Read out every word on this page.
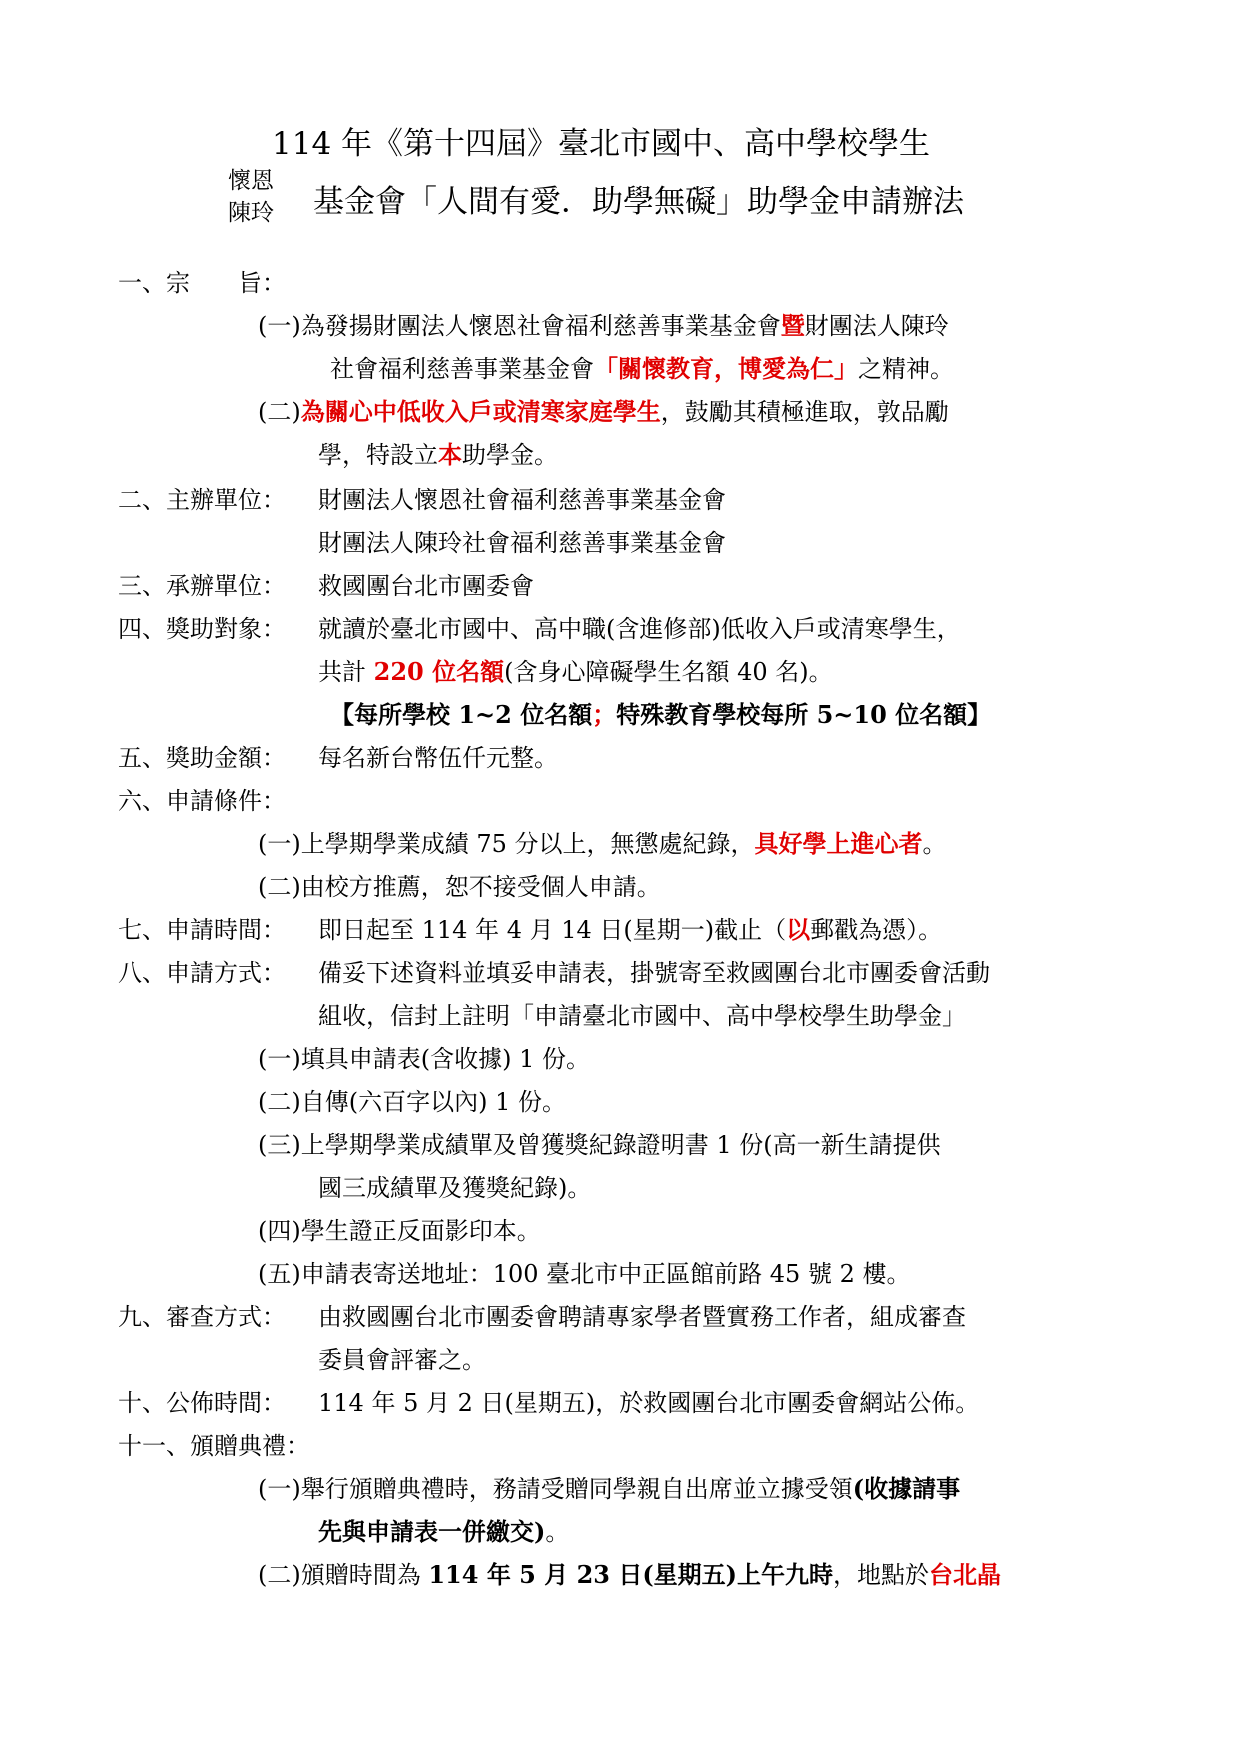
114 年《第十四屆》臺北市國中、高中學校學生
懷恩
陳玲 基金會「人間有愛．助學無礙」助學金申請辦法
一、宗　　旨：
(一)為發揚財團法人懷恩社會福利慈善事業基金會暨財團法人陳玲
社會福利慈善事業基金會「關懷教育，博愛為仁」之精神。
(二)為關心中低收入戶或清寒家庭學生，鼓勵其積極進取，敦品勵
學，特設立本助學金。
二、主辦單位： 財團法人懷恩社會福利慈善事業基金會
財團法人陳玲社會福利慈善事業基金會
三、承辦單位： 救國團台北市團委會
四、獎助對象： 就讀於臺北市國中、高中職(含進修部)低收入戶或清寒學生，
共計 220 位名額(含身心障礙學生名額 40 名)。
【每所學校 1~2 位名額；特殊教育學校每所 5~10 位名額】
五、獎助金額： 每名新台幣伍仟元整。
六、申請條件：
(一)上學期學業成績 75 分以上，無懲處紀錄，具好學上進心者。
(二)由校方推薦，恕不接受個人申請。
七、申請時間： 即日起至 114 年 4 月 14 日(星期一)截止（以郵戳為憑）。
八、申請方式： 備妥下述資料並填妥申請表，掛號寄至救國團台北市團委會活動
組收，信封上註明「申請臺北市國中、高中學校學生助學金」
(一)填具申請表(含收據) 1 份。
(二)自傳(六百字以內) 1 份。
(三)上學期學業成績單及曾獲獎紀錄證明書 1 份(高一新生請提供
國三成績單及獲獎紀錄)。
(四)學生證正反面影印本。
(五)申請表寄送地址：100 臺北市中正區館前路 45 號 2 樓。
九、審查方式： 由救國團台北市團委會聘請專家學者暨實務工作者，組成審查
委員會評審之。
十、公佈時間： 114 年 5 月 2 日(星期五)，於救國團台北市團委會網站公佈。
十一、頒贈典禮：
(一)舉行頒贈典禮時，務請受贈同學親自出席並立據受領(收據請事
先與申請表一併繳交)。
(二)頒贈時間為 114 年 5 月 23 日(星期五)上午九時，地點於台北晶
